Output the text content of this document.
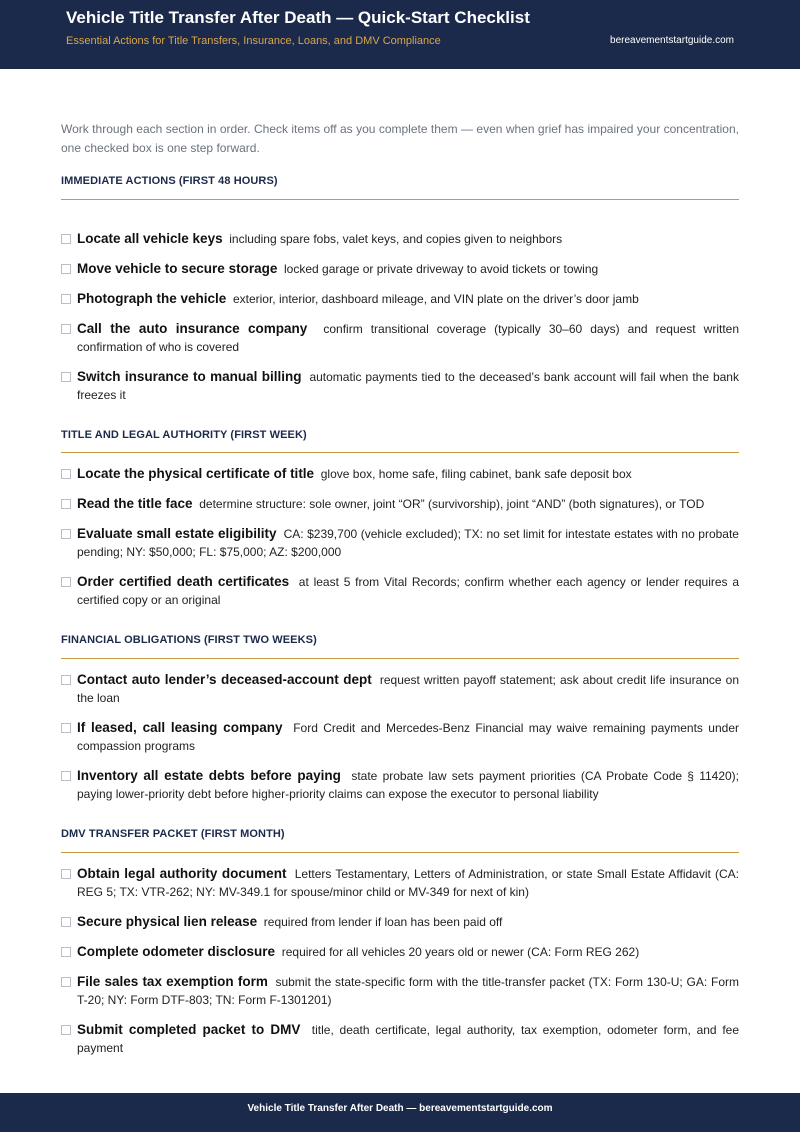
Vehicle Title Transfer After Death — Quick-Start Checklist
Essential Actions for Title Transfers, Insurance, Loans, and DMV Compliance	bereavementstartguide.com

Work through each section in order. Check items off as you complete them — even when grief has impaired your concentration, one checked box is one step forward.

IMMEDIATE ACTIONS (FIRST 48 HOURS)
Locate all vehicle keys including spare fobs, valet keys, and copies given to neighbors
Move vehicle to secure storage locked garage or private driveway to avoid tickets or towing
Photograph the vehicle exterior, interior, dashboard mileage, and VIN plate on the driver’s door jamb
Call the auto insurance company confirm transitional coverage (typically 30–60 days) and request written confirmation of who is covered
Switch insurance to manual billing automatic payments tied to the deceased’s bank account will fail when the bank freezes it
TITLE AND LEGAL AUTHORITY (FIRST WEEK)
Locate the physical certificate of title glove box, home safe, filing cabinet, bank safe deposit box
Read the title face determine structure: sole owner, joint “OR” (survivorship), joint “AND” (both signatures), or TOD
Evaluate small estate eligibility CA: $239,700 (vehicle excluded); TX: no set limit for intestate estates with no probate pending; NY: $50,000; FL: $75,000; AZ: $200,000
Order certified death certificates at least 5 from Vital Records; confirm whether each agency or lender requires a certified copy or an original
FINANCIAL OBLIGATIONS (FIRST TWO WEEKS)
Contact auto lender’s deceased-account dept request written payoff statement; ask about credit life insurance on the loan
If leased, call leasing company Ford Credit and Mercedes-Benz Financial may waive remaining payments under compassion programs
Inventory all estate debts before paying state probate law sets payment priorities (CA Probate Code § 11420); paying lower-priority debt before higher-priority claims can expose the executor to personal liability
DMV TRANSFER PACKET (FIRST MONTH)
Obtain legal authority document Letters Testamentary, Letters of Administration, or state Small Estate Affidavit (CA: REG 5; TX: VTR-262; NY: MV-349.1 for spouse/minor child or MV-349 for next of kin)
Secure physical lien release required from lender if loan has been paid off
Complete odometer disclosure required for all vehicles 20 years old or newer (CA: Form REG 262)
File sales tax exemption form submit the state-specific form with the title-transfer packet (TX: Form 130-U; GA: Form T-20; NY: Form DTF-803; TN: Form F-1301201)
Submit completed packet to DMV title, death certificate, legal authority, tax exemption, odometer form, and fee payment
Vehicle Title Transfer After Death — bereavementstartguide.com
